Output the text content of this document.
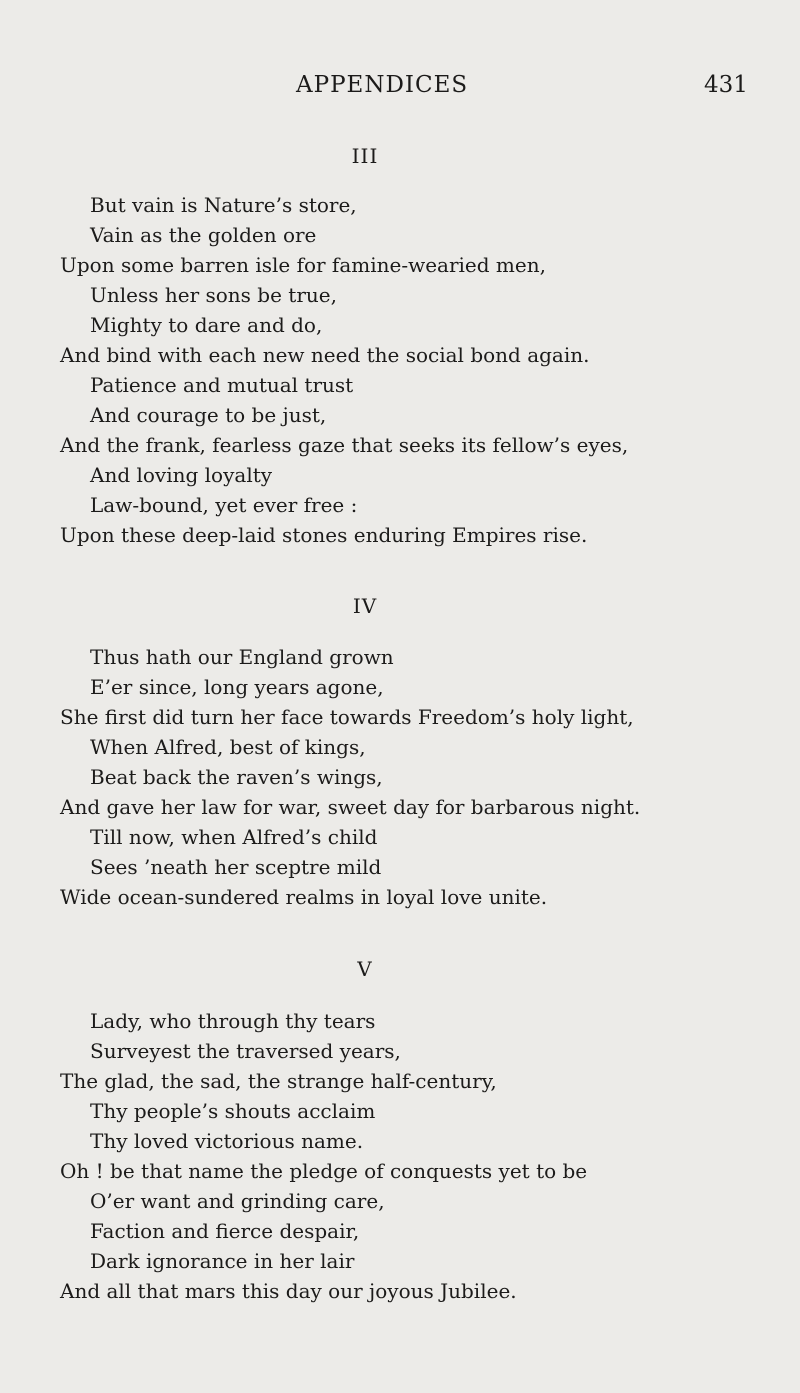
APPENDICES	431
III
But vain is Nature’s store,
Vain as the golden ore
Upon some barren isle for famine-wearied men,
Unless her sons be true,
Mighty to dare and do,
And bind with each new need the social bond again.
Patience and mutual trust
And courage to be just,
And the frank, fearless gaze that seeks its fellow’s eyes,
And loving loyalty
Law-bound, yet ever free :
Upon these deep-laid stones enduring Empires rise.
IV
Thus hath our England grown
E’er since, long years agone,
She first did turn her face towards Freedom’s holy light,
When Alfred, best of kings,
Beat back the raven’s wings,
And gave her law for war, sweet day for barbarous night.
Till now, when Alfred’s child
Sees ’neath her sceptre mild
Wide ocean-sundered realms in loyal love unite.
V
Lady, who through thy tears
Surveyest the traversed years,
The glad, the sad, the strange half-century,
Thy people’s shouts acclaim
Thy loved victorious name.
Oh ! be that name the pledge of conquests yet to be
O’er want and grinding care,
Faction and fierce despair,
Dark ignorance in her lair
And all that mars this day our joyous Jubilee.
